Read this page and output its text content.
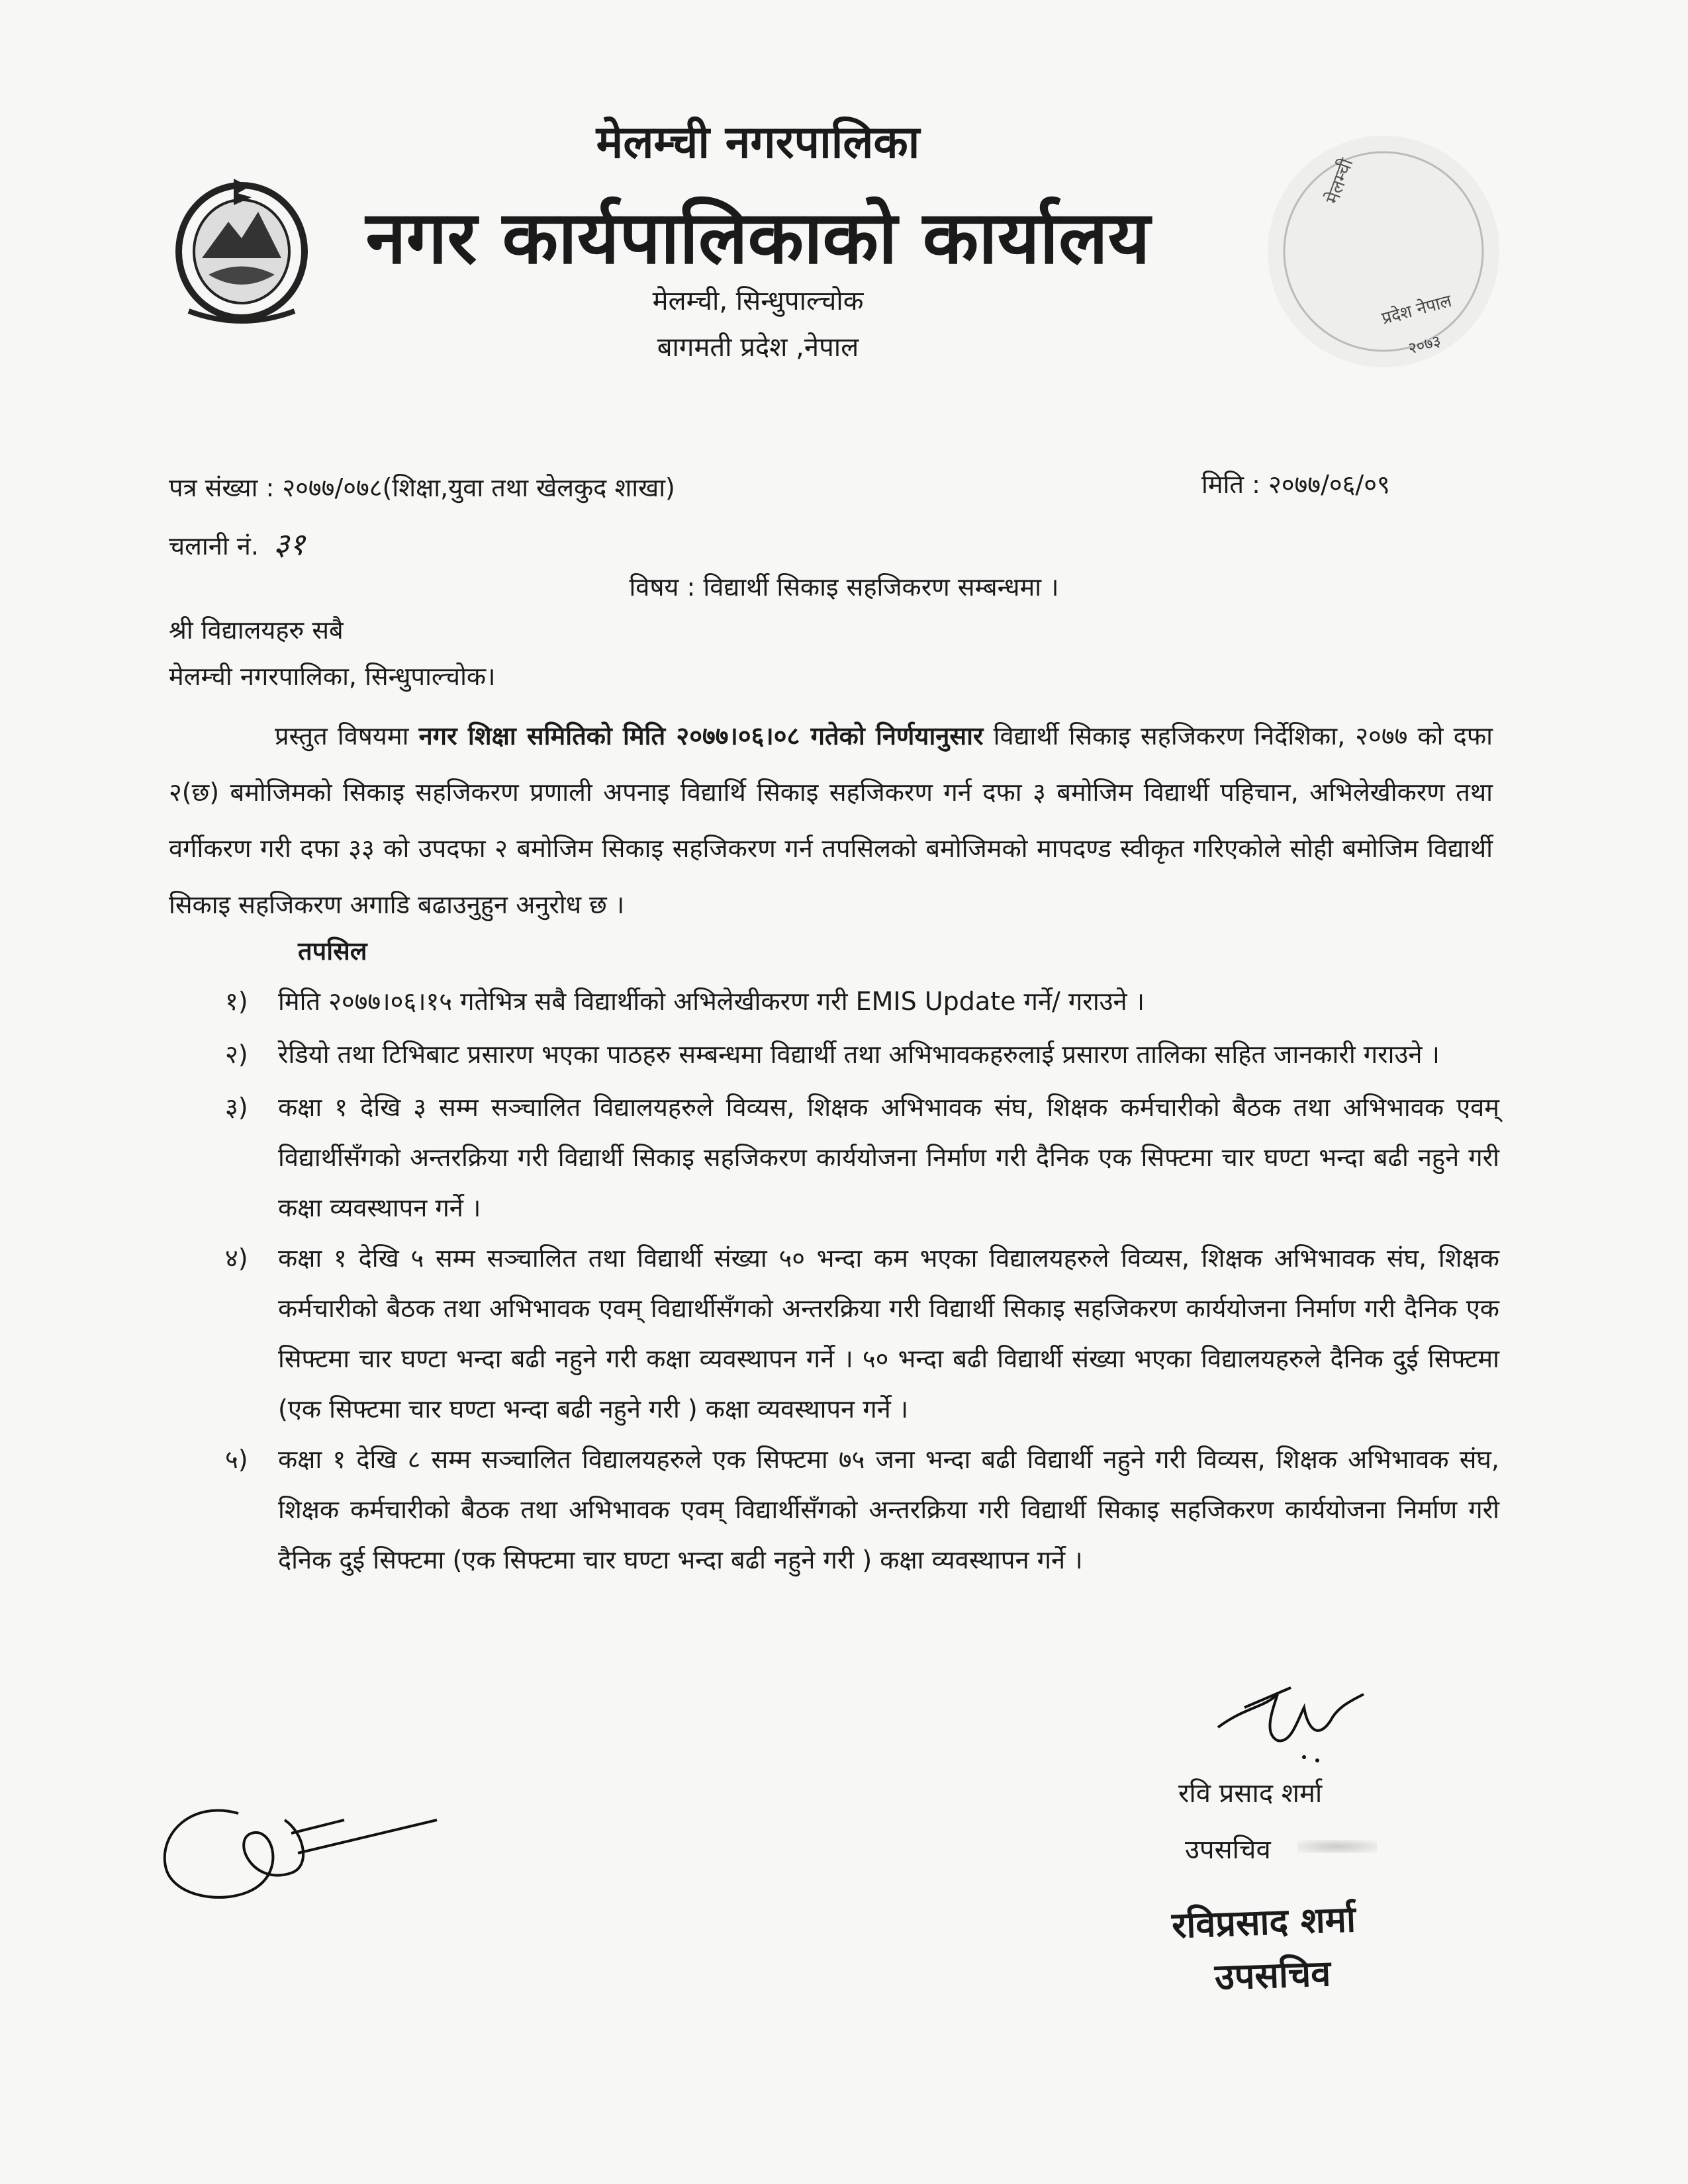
मेलम्ची नगरपालिका
नगर कार्यपालिकाको कार्यालय
मेलम्ची, सिन्धुपाल्चोक
बागमती प्रदेश ,नेपाल
मेलम्ची
प्रदेश नेपाल
२०७३
पत्र संख्या : २०७७/०७८(शिक्षा,युवा तथा खेलकुद शाखा)	मिति : २०७७/०६/०९
चलानी नं. ३१
विषय : विद्यार्थी सिकाइ सहजिकरण सम्बन्धमा ।
श्री विद्यालयहरु सबै
मेलम्ची नगरपालिका, सिन्धुपाल्चोक।
प्रस्तुत विषयमा नगर शिक्षा समितिको मिति २०७७।०६।०८ गतेको निर्णयानुसार विद्यार्थी सिकाइ सहजिकरण निर्देशिका, २०७७ को दफा २(छ) बमोजिमको सिकाइ सहजिकरण प्रणाली अपनाइ विद्यार्थि सिकाइ सहजिकरण गर्न दफा ३ बमोजिम विद्यार्थी पहिचान, अभिलेखीकरण तथा वर्गीकरण गरी दफा ३३ को उपदफा २ बमोजिम सिकाइ सहजिकरण गर्न तपसिलको बमोजिमको मापदण्ड स्वीकृत गरिएकोले सोही बमोजिम विद्यार्थी सिकाइ सहजिकरण अगाडि बढाउनुहुन अनुरोध छ ।
तपसिल
१) मिति २०७७।०६।१५ गतेभित्र सबै विद्यार्थीको अभिलेखीकरण गरी EMIS Update गर्ने/ गराउने ।
२) रेडियो तथा टिभिबाट प्रसारण भएका पाठहरु सम्बन्धमा विद्यार्थी तथा अभिभावकहरुलाई प्रसारण तालिका सहित जानकारी गराउने ।
३) कक्षा १ देखि ३ सम्म सञ्चालित विद्यालयहरुले विव्यस, शिक्षक अभिभावक संघ, शिक्षक कर्मचारीको बैठक तथा अभिभावक एवम् विद्यार्थीसँगको अन्तरक्रिया गरी विद्यार्थी सिकाइ सहजिकरण कार्ययोजना निर्माण गरी दैनिक एक सिफ्टमा चार घण्टा भन्दा बढी नहुने गरी कक्षा व्यवस्थापन गर्ने ।
४) कक्षा १ देखि ५ सम्म सञ्चालित तथा विद्यार्थी संख्या ५० भन्दा कम भएका विद्यालयहरुले विव्यस, शिक्षक अभिभावक संघ, शिक्षक कर्मचारीको बैठक तथा अभिभावक एवम् विद्यार्थीसँगको अन्तरक्रिया गरी विद्यार्थी सिकाइ सहजिकरण कार्ययोजना निर्माण गरी दैनिक एक सिफ्टमा चार घण्टा भन्दा बढी नहुने गरी कक्षा व्यवस्थापन गर्ने । ५० भन्दा बढी विद्यार्थी संख्या भएका विद्यालयहरुले दैनिक दुई सिफ्टमा (एक सिफ्टमा चार घण्टा भन्दा बढी नहुने गरी ) कक्षा व्यवस्थापन गर्ने ।
५) कक्षा १ देखि ८ सम्म सञ्चालित विद्यालयहरुले एक सिफ्टमा ७५ जना भन्दा बढी विद्यार्थी नहुने गरी विव्यस, शिक्षक अभिभावक संघ, शिक्षक कर्मचारीको बैठक तथा अभिभावक एवम् विद्यार्थीसँगको अन्तरक्रिया गरी विद्यार्थी सिकाइ सहजिकरण कार्ययोजना निर्माण गरी दैनिक दुई सिफ्टमा (एक सिफ्टमा चार घण्टा भन्दा बढी नहुने गरी ) कक्षा व्यवस्थापन गर्ने ।
रवि प्रसाद शर्मा
उपसचिव
रविप्रसाद शर्मा
उपसचिव
